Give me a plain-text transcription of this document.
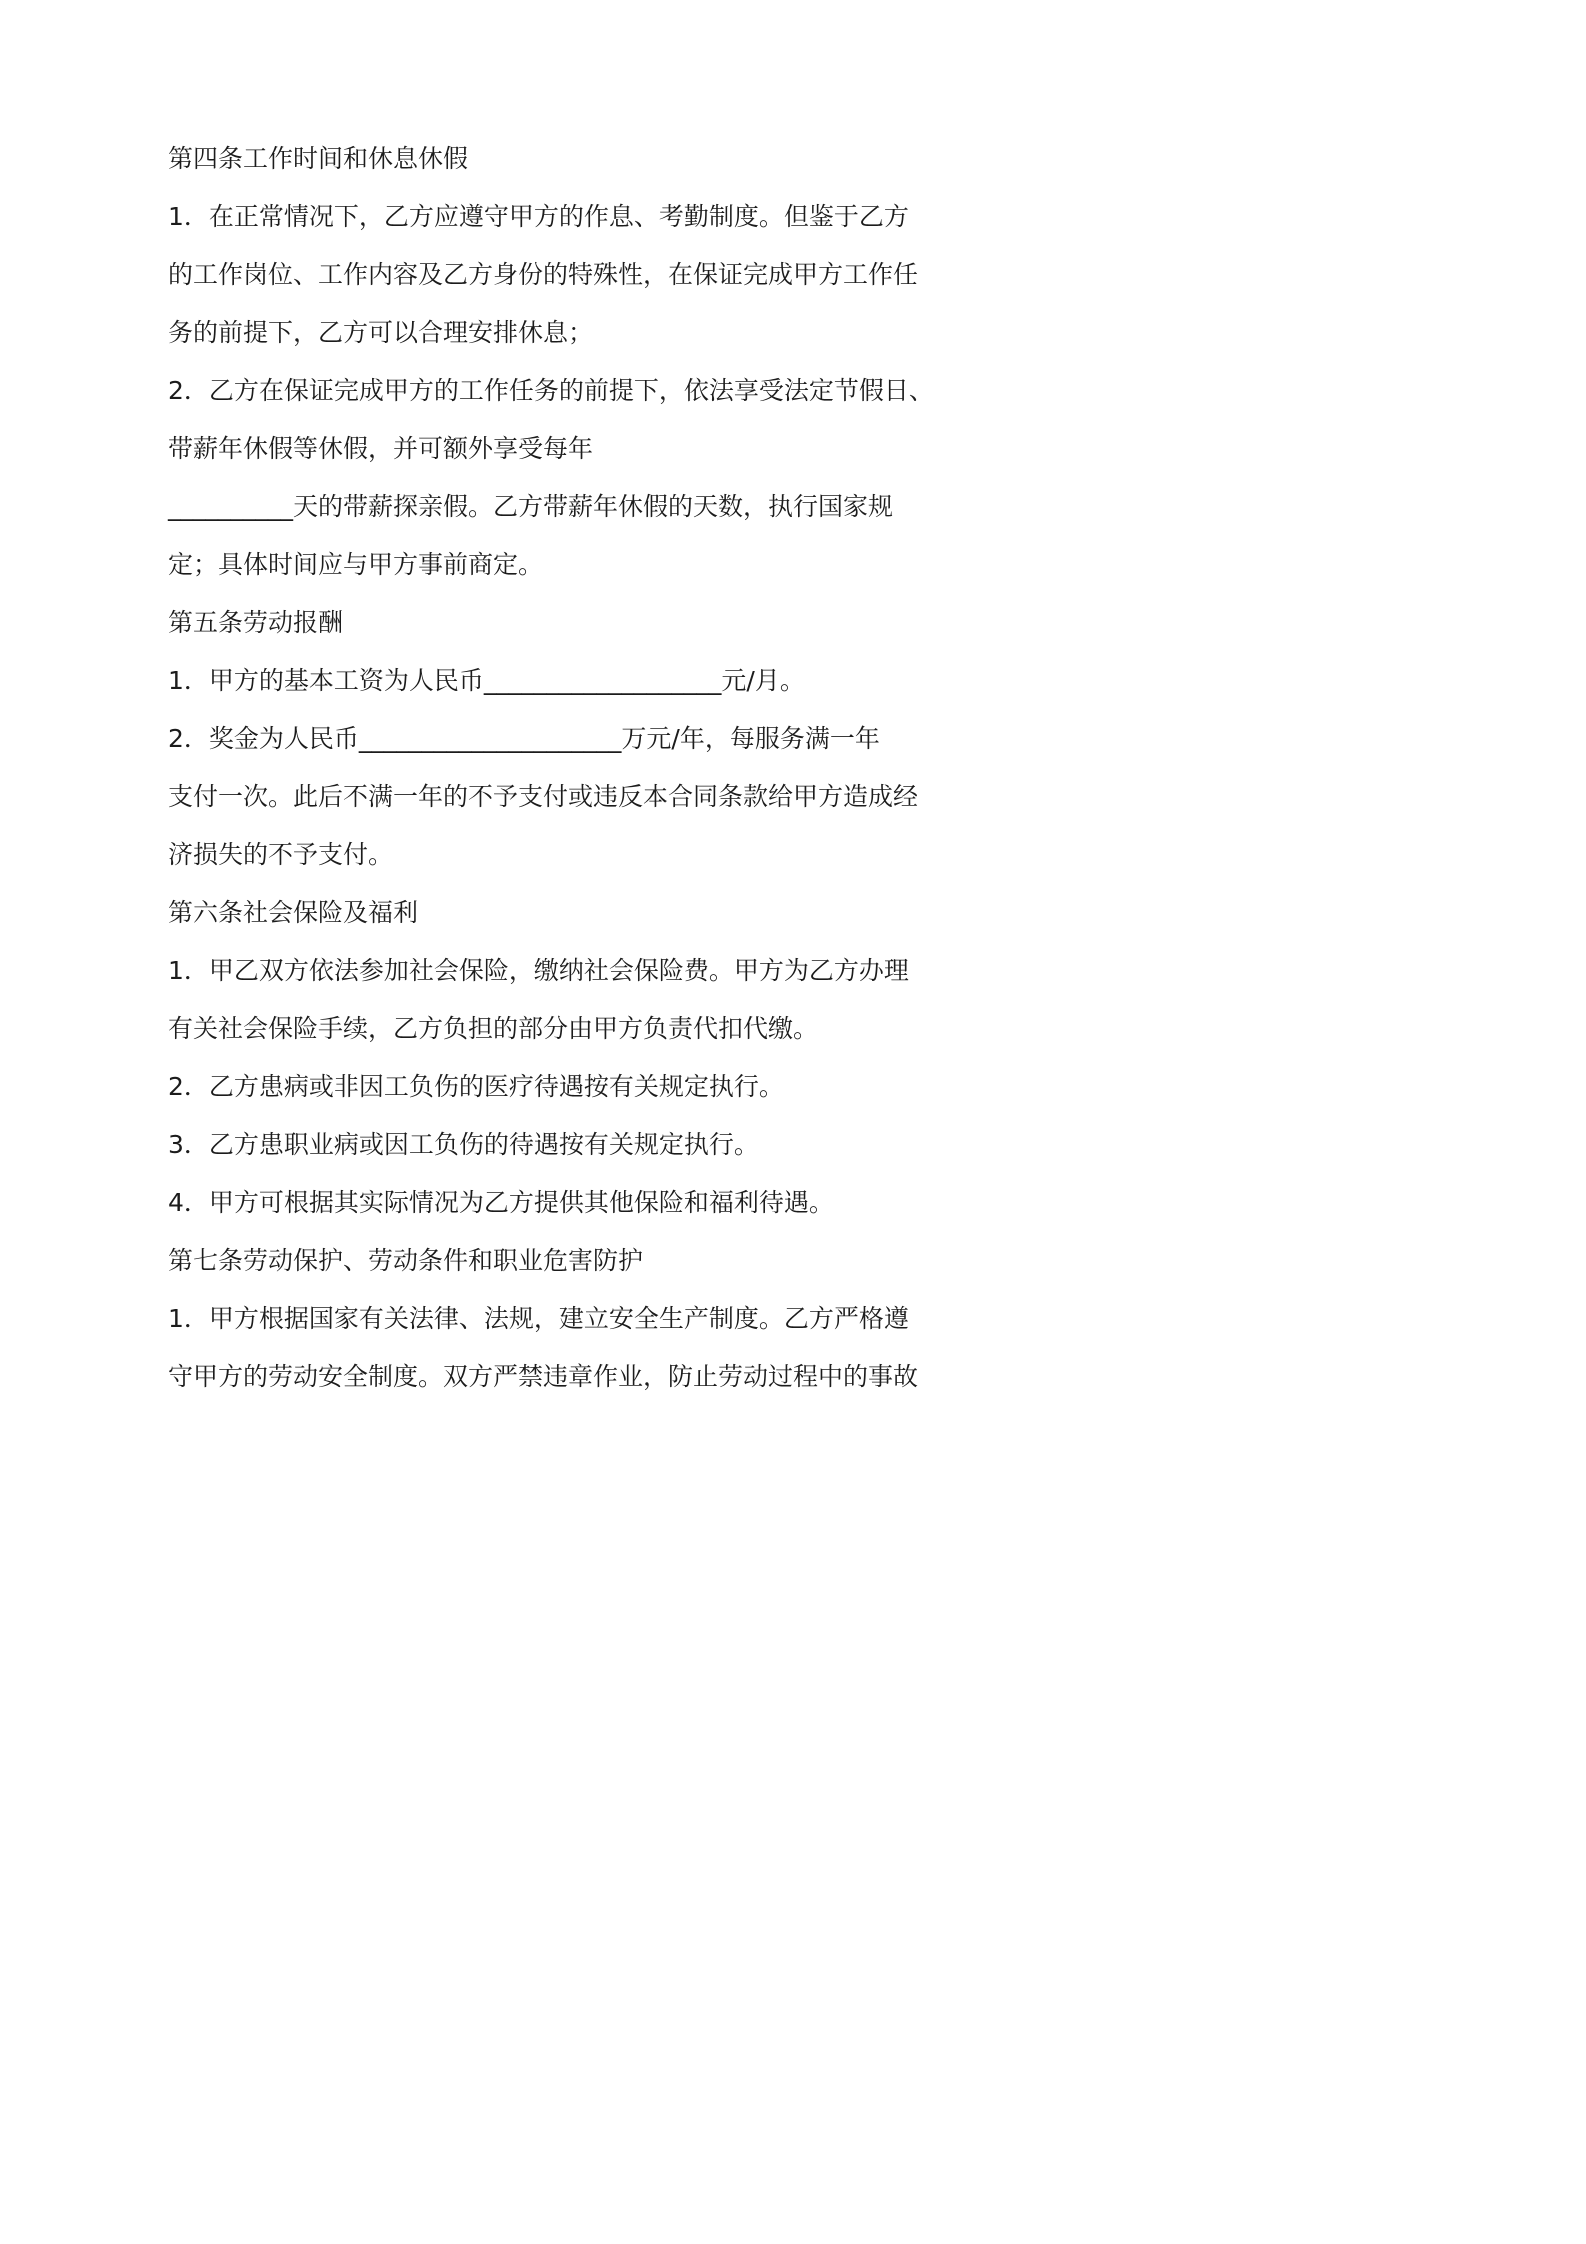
第四条工作时间和休息休假

1．在正常情况下，乙方应遵守甲方的作息、考勤制度。但鉴于乙方

的工作岗位、工作内容及乙方身份的特殊性，在保证完成甲方工作任

务的前提下，乙方可以合理安排休息；

2．乙方在保证完成甲方的工作任务的前提下，依法享受法定节假日、

带薪年休假等休假，并可额外享受每年

__________天的带薪探亲假。乙方带薪年休假的天数，执行国家规

定；具体时间应与甲方事前商定。

第五条劳动报酬

1．甲方的基本工资为人民币___________________元/月。

2．奖金为人民币_____________________万元/年，每服务满一年

支付一次。此后不满一年的不予支付或违反本合同条款给甲方造成经

济损失的不予支付。

第六条社会保险及福利

1．甲乙双方依法参加社会保险，缴纳社会保险费。甲方为乙方办理

有关社会保险手续，乙方负担的部分由甲方负责代扣代缴。

2．乙方患病或非因工负伤的医疗待遇按有关规定执行。

3．乙方患职业病或因工负伤的待遇按有关规定执行。

4．甲方可根据其实际情况为乙方提供其他保险和福利待遇。

第七条劳动保护、劳动条件和职业危害防护

1．甲方根据国家有关法律、法规，建立安全生产制度。乙方严格遵

守甲方的劳动安全制度。双方严禁违章作业，防止劳动过程中的事故
